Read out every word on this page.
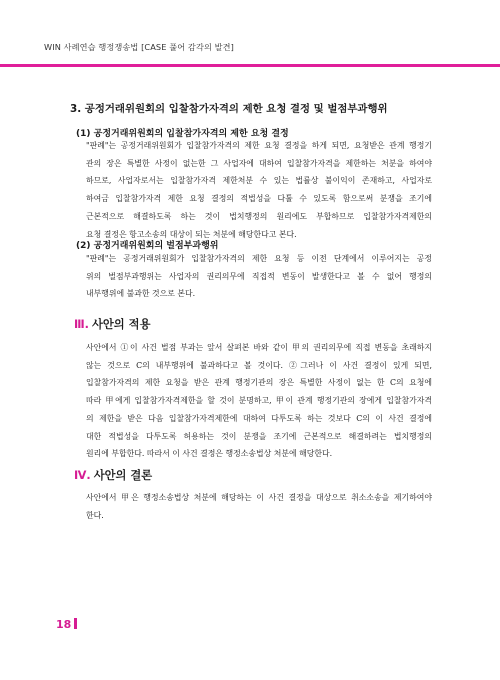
WIN 사례연습 행정쟁송법 [CASE 풀어 감각의 발견]
3. 공정거래위원회의 입찰참가자격의 제한 요청 결정 및 벌점부과행위
(1) 공정거래위원회의 입찰참가자격의 제한 요청 결정
"판례"는 공정거래위원회가 입찰참가자격의 제한 요청 결정을 하게 되면, 요청받은 관계 행정기
관의 장은 특별한 사정이 없는한 그 사업자에 대하여 입찰참가자격을 제한하는 처분을 하여야
하므로, 사업자로서는 입찰참가자격 제한처분 수 있는 법률상 불이익이 존재하고, 사업자로
하여금 입찰참가자격 제한 요청 결정의 적법성을 다툴 수 있도록 함으로써 분쟁을 조기에
근본적으로 해결하도록 하는 것이 법치행정의 원리에도 부합하므로 입찰참가자격제한의
요청 결정은 항고소송의 대상이 되는 처분에 해당한다고 본다.
(2) 공정거래위원회의 벌점부과행위
"판례"는 공정거래위원회가 입찰참가자격의 제한 요청 등 이전 단계에서 이루어지는 공정
위의 벌점부과행위는 사업자의 권리의무에 직접적 변동이 발생한다고 볼 수 없어 행정의
내부행위에 불과한 것으로 본다.
Ⅲ. 사안의 적용
사안에서 ①이 사건 벌점 부과는 앞서 살펴본 바와 같이 甲의 권리의무에 직접 변동을 초래하지
않는 것으로 C의 내부행위에 불과하다고 볼 것이다. ②그러나 이 사건 결정이 있게 되면,
입찰참가자격의 제한 요청을 받은 관계 행정기관의 장은 특별한 사정이 없는 한 C의 요청에
따라 甲에게 입찰참가자격제한을 할 것이 분명하고, 甲이 관계 행정기관의 장에게 입찰참가자격
의 제한을 받은 다음 입찰참가자격제한에 대하여 다투도록 하는 것보다 C의 이 사건 결정에
대한 적법성을 다투도록 허용하는 것이 분쟁을 조기에 근본적으로 해결하려는 법치행정의
원리에 부합한다. 따라서 이 사건 결정은 행정소송법상 처분에 해당한다.
Ⅳ. 사안의 결론
사안에서 甲은 행정소송법상 처분에 해당하는 이 사건 결정을 대상으로 취소소송을 제기하여야
한다.
18
